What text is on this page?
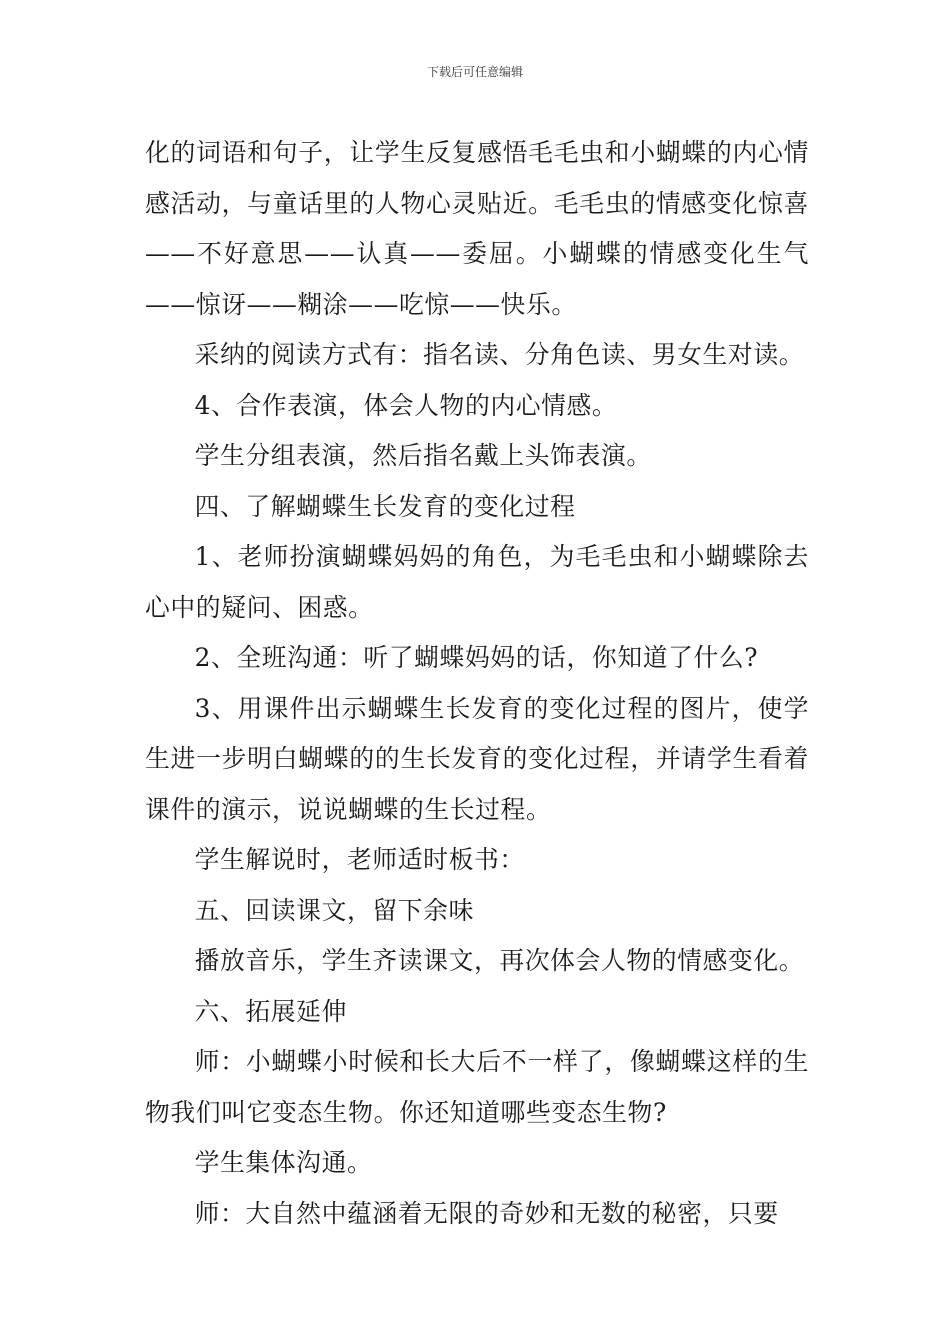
下载后可任意编辑

化的词语和句子，让学生反复感悟毛毛虫和小蝴蝶的内心情感活动，与童话里的人物心灵贴近。毛毛虫的情感变化惊喜——不好意思——认真——委屈。小蝴蝶的情感变化生气——惊讶——糊涂——吃惊——快乐。

采纳的阅读方式有：指名读、分角色读、男女生对读。

4、合作表演，体会人物的内心情感。

学生分组表演，然后指名戴上头饰表演。

四、了解蝴蝶生长发育的变化过程

1、老师扮演蝴蝶妈妈的角色，为毛毛虫和小蝴蝶除去心中的疑问、困惑。

2、全班沟通：听了蝴蝶妈妈的话，你知道了什么?

3、用课件出示蝴蝶生长发育的变化过程的图片，使学生进一步明白蝴蝶的的生长发育的变化过程，并请学生看着课件的演示，说说蝴蝶的生长过程。

学生解说时，老师适时板书：

五、回读课文，留下余味

播放音乐，学生齐读课文，再次体会人物的情感变化。

六、拓展延伸

师：小蝴蝶小时候和长大后不一样了，像蝴蝶这样的生物我们叫它变态生物。你还知道哪些变态生物?

学生集体沟通。

师：大自然中蕴涵着无限的奇妙和无数的秘密，只要
